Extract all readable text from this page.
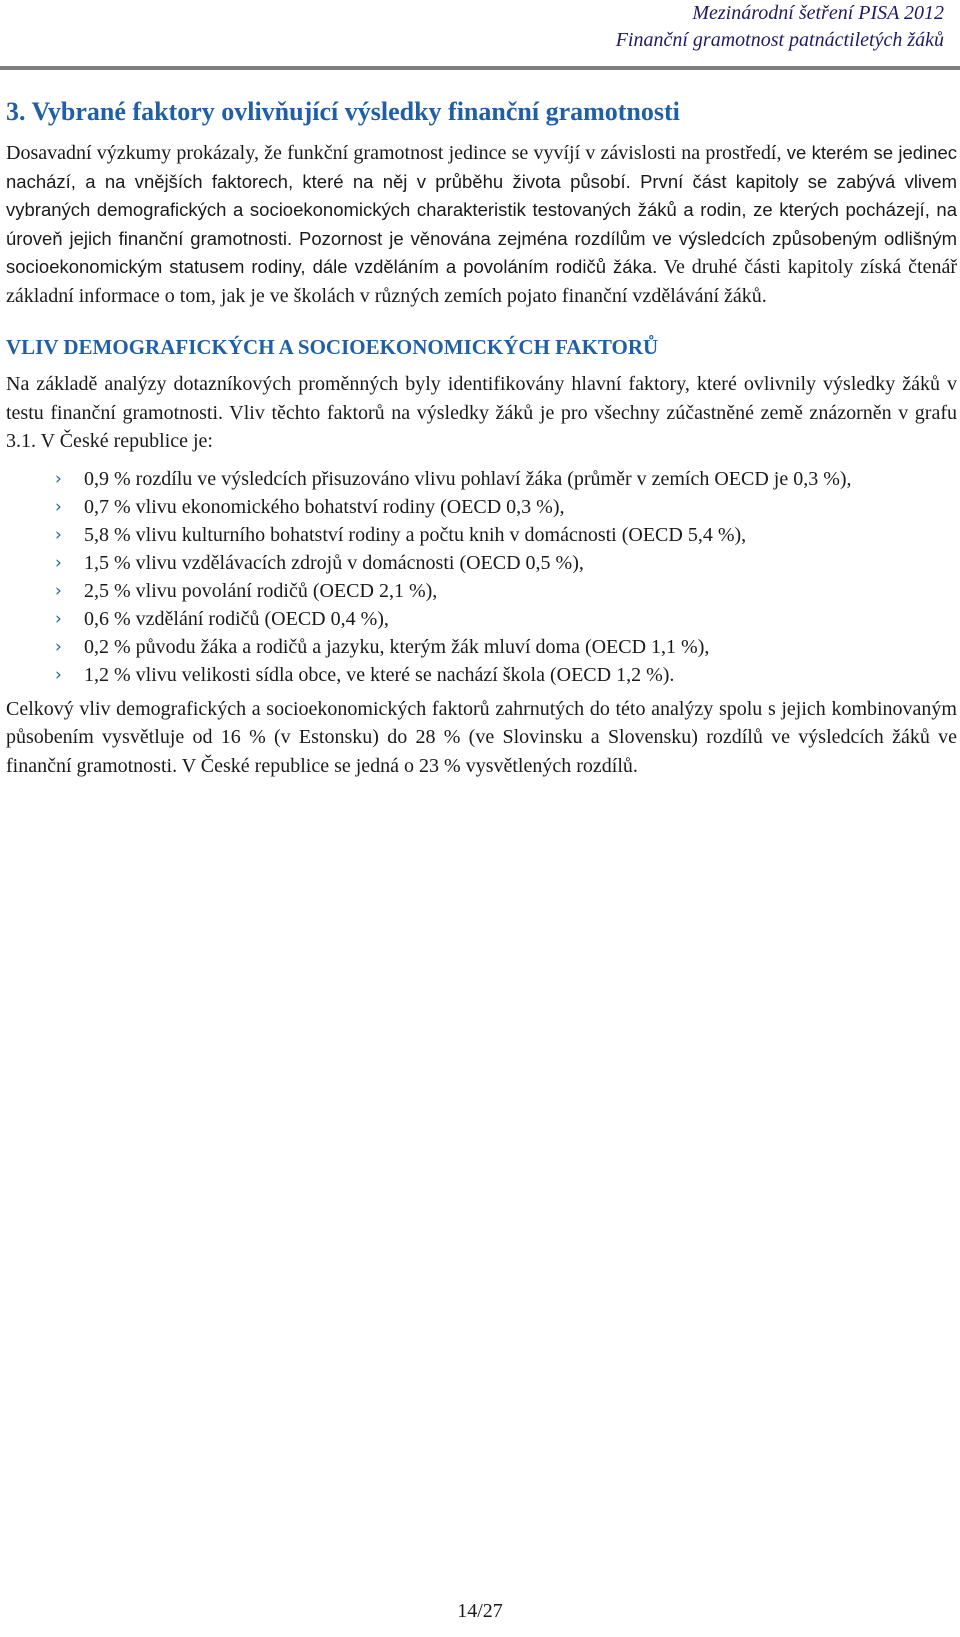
Mezinárodní šetření PISA 2012
Finanční gramotnost patnáctiletých žáků
3. Vybrané faktory ovlivňující výsledky finanční gramotnosti

Dosavadní výzkumy prokázaly, že funkční gramotnost jedince se vyvíjí v závislosti na prostředí, ve kterém se jedinec nachází, a na vnějších faktorech, které na něj v průběhu života působí. První část kapitoly se zabývá vlivem vybraných demografických a socioekonomických charakteristik testovaných žáků a rodin, ze kterých pocházejí, na úroveň jejich finanční gramotnosti. Pozornost je věnována zejména rozdílům ve výsledcích způsobeným odlišným socioekonomickým statusem rodiny, dále vzděláním a povoláním rodičů žáka. Ve druhé části kapitoly získá čtenář základní informace o tom, jak je ve školách v různých zemích pojato finanční vzdělávání žáků.

VLIV DEMOGRAFICKÝCH A SOCIOEKONOMICKÝCH FAKTORŮ

Na základě analýzy dotazníkových proměnných byly identifikovány hlavní faktory, které ovlivnily výsledky žáků v testu finanční gramotnosti. Vliv těchto faktorů na výsledky žáků je pro všechny zúčastněné země znázorněn v grafu 3.1. V České republice je:

› 0,9 % rozdílu ve výsledcích přisuzováno vlivu pohlaví žáka (průměr v zemích OECD je 0,3 %),
› 0,7 % vlivu ekonomického bohatství rodiny (OECD 0,3 %),
› 5,8 % vlivu kulturního bohatství rodiny a počtu knih v domácnosti (OECD 5,4 %),
› 1,5 % vlivu vzdělávacích zdrojů v domácnosti (OECD 0,5 %),
› 2,5 % vlivu povolání rodičů (OECD 2,1 %),
› 0,6 % vzdělání rodičů (OECD 0,4 %),
› 0,2 % původu žáka a rodičů a jazyku, kterým žák mluví doma (OECD 1,1 %),
› 1,2 % vlivu velikosti sídla obce, ve které se nachází škola (OECD 1,2 %).

Celkový vliv demografických a socioekonomických faktorů zahrnutých do této analýzy spolu s jejich kombinovaným působením vysvětluje od 16 % (v Estonsku) do 28 % (ve Slovinsku a Slovensku) rozdílů ve výsledcích žáků ve finanční gramotnosti. V České republice se jedná o 23 % vysvětlených rozdílů.

14/27
